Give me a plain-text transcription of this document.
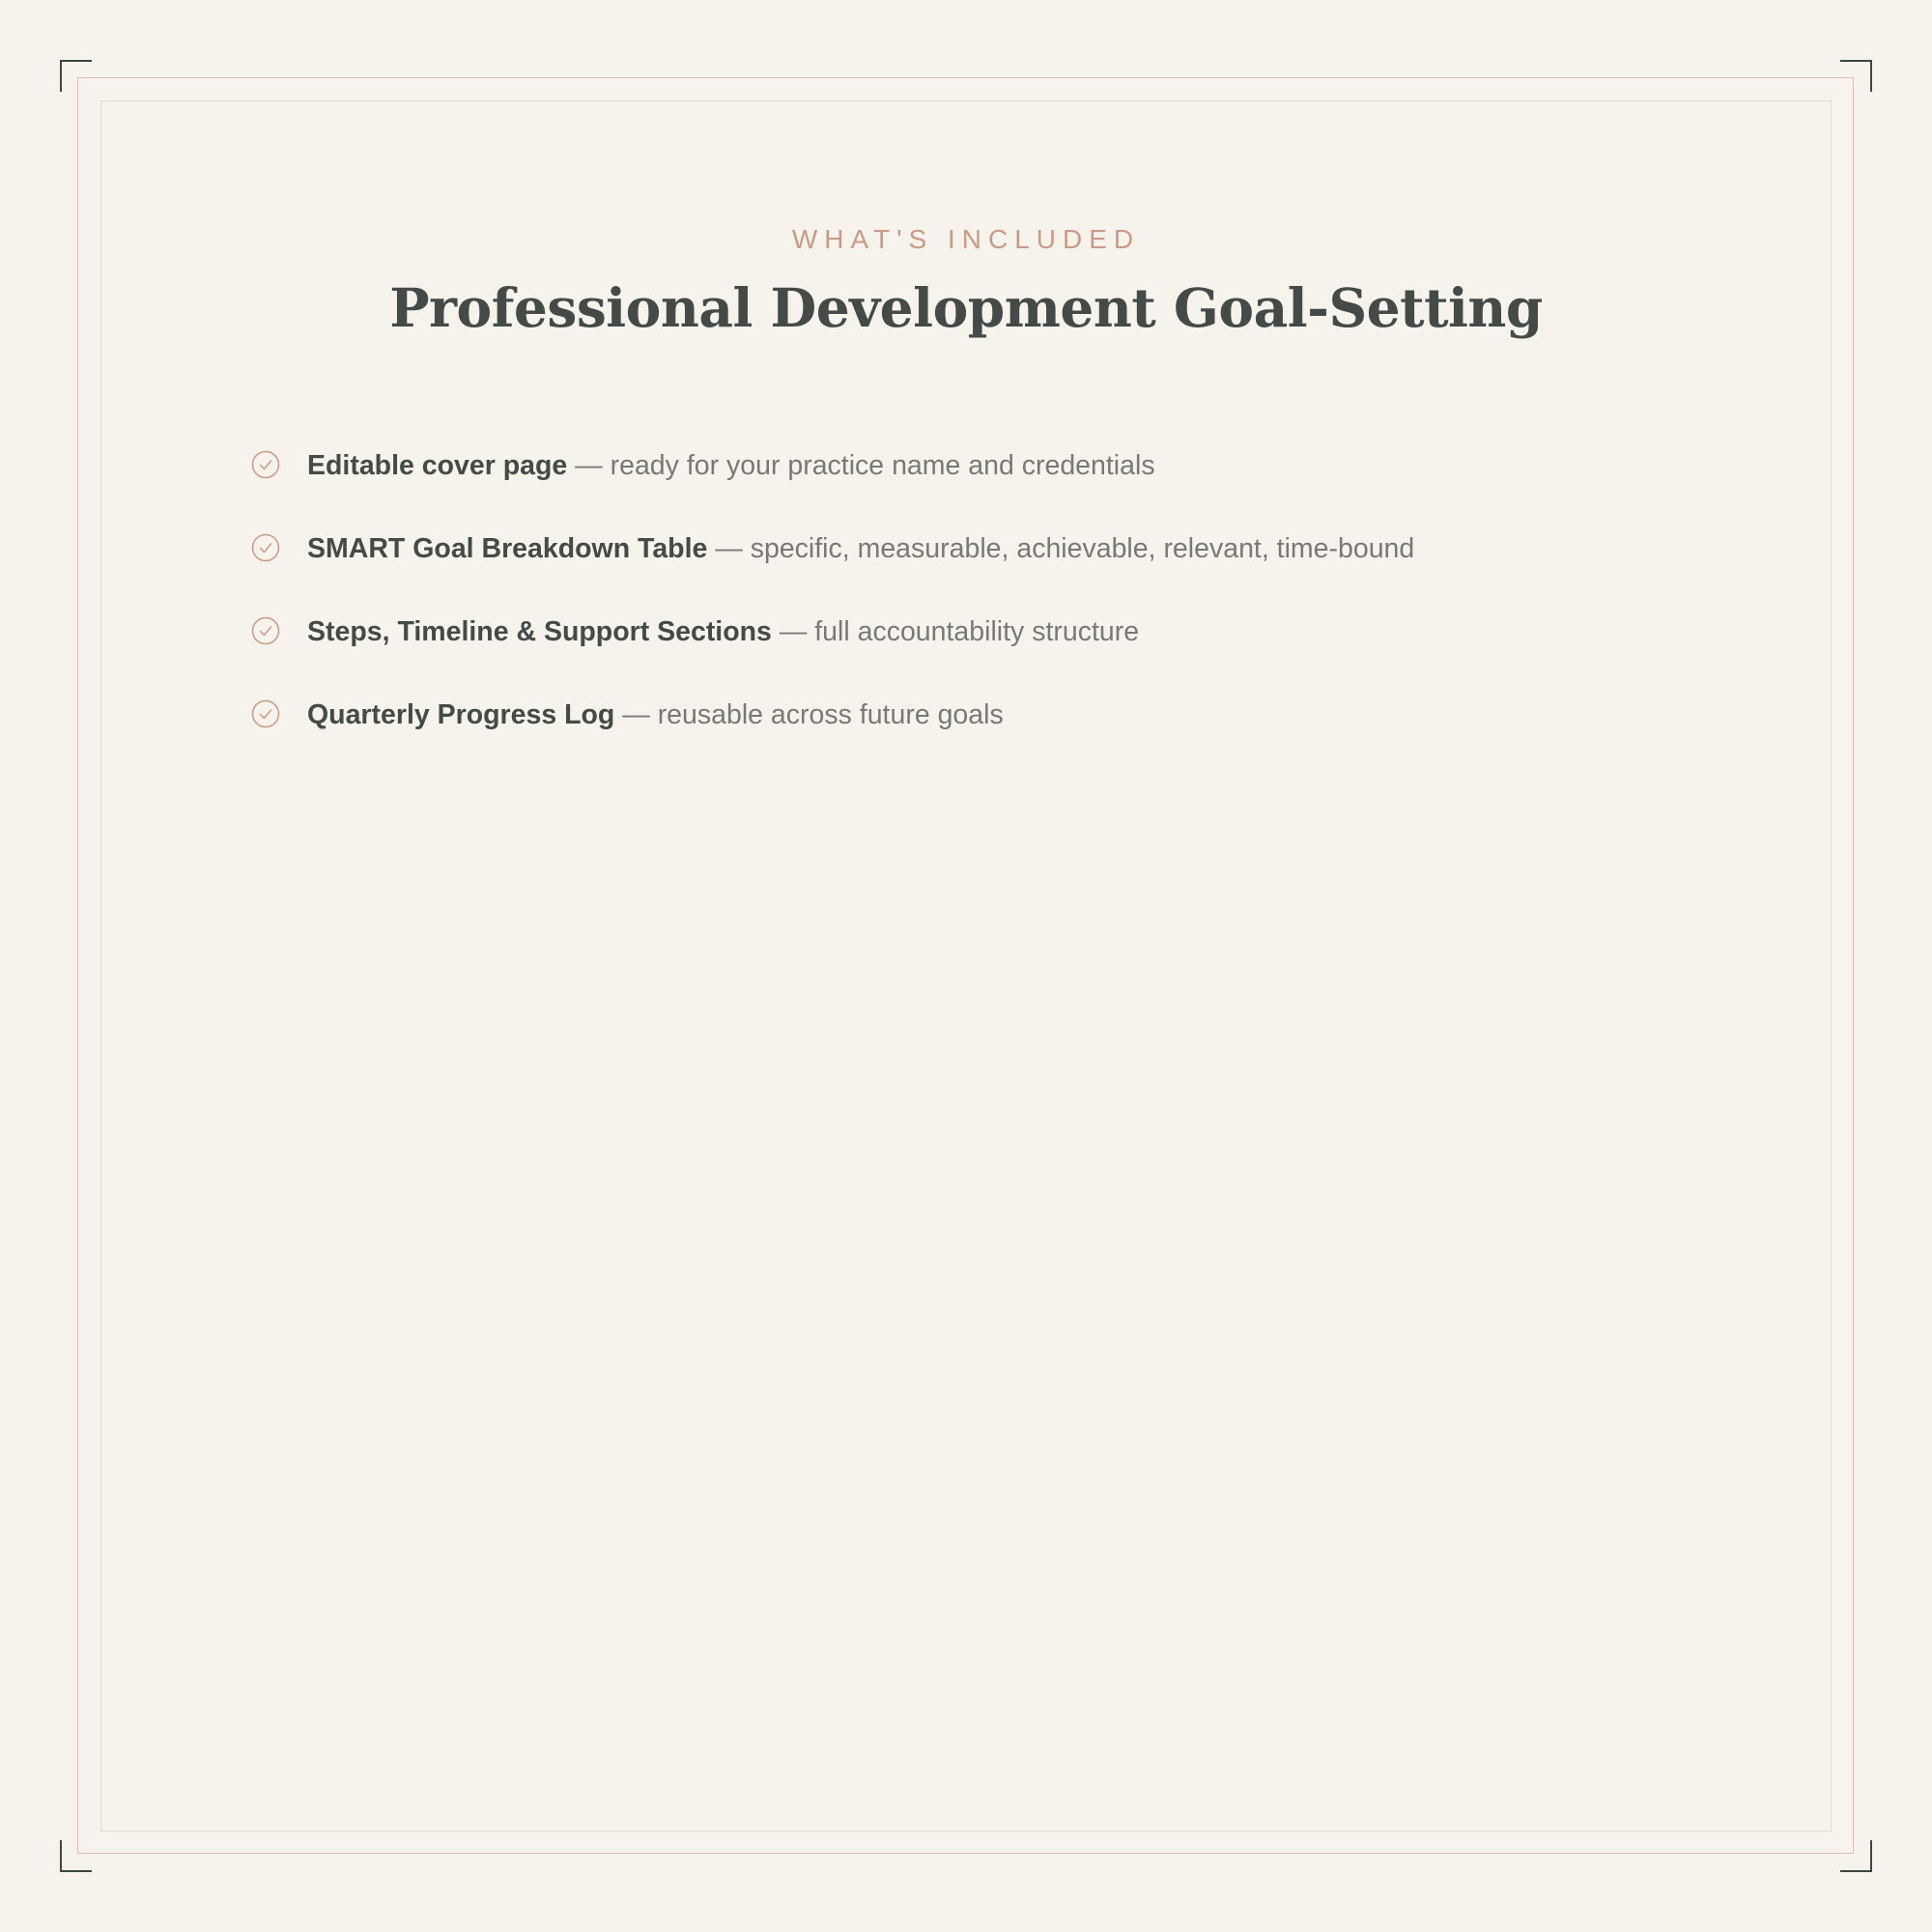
WHAT'S INCLUDED
Professional Development Goal-Setting
Editable cover page — ready for your practice name and credentials
SMART Goal Breakdown Table — specific, measurable, achievable, relevant, time-bound
Steps, Timeline & Support Sections — full accountability structure
Quarterly Progress Log — reusable across future goals
